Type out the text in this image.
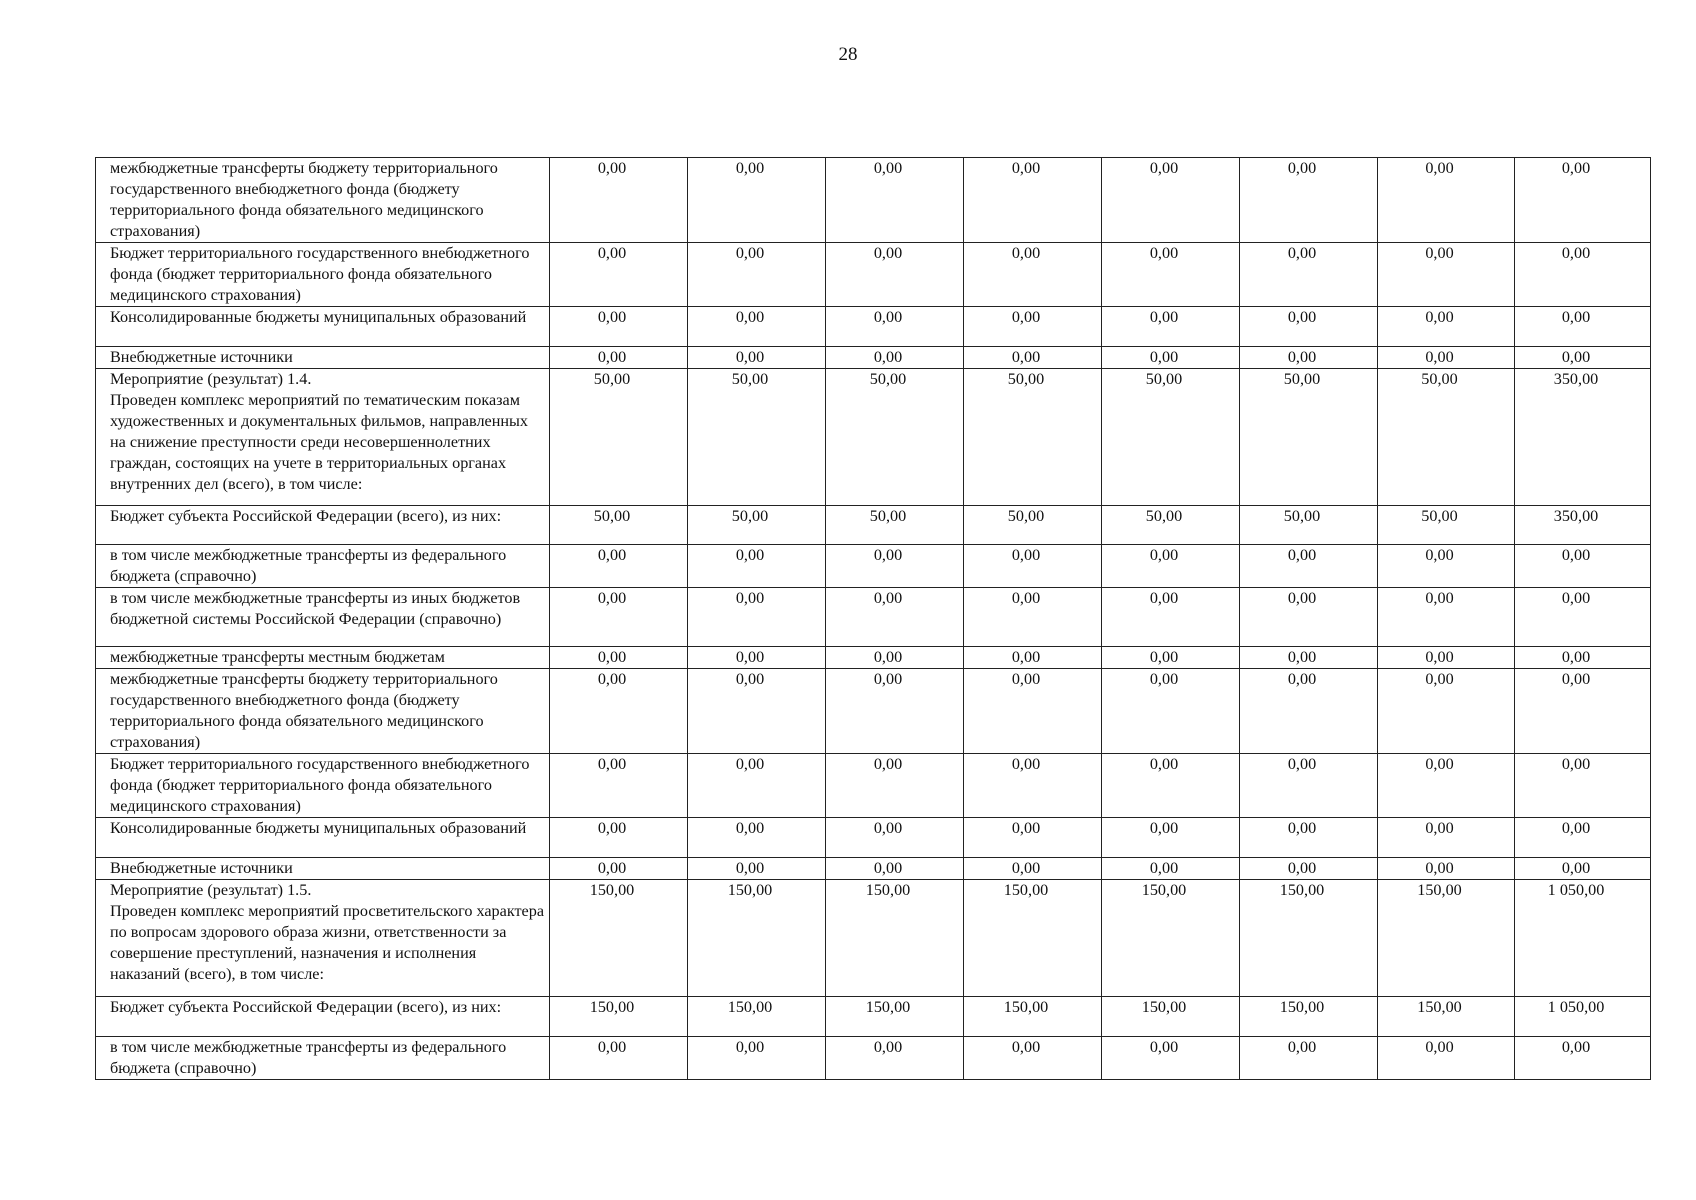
28
межбюджетные трансферты бюджету территориального государственного внебюджетного фонда (бюджету территориального фонда обязательного медицинского страхования)	0,00	0,00	0,00	0,00	0,00	0,00	0,00	0,00

Бюджет территориального государственного внебюджетного фонда (бюджет территориального фонда обязательного медицинского страхования)	0,00	0,00	0,00	0,00	0,00	0,00	0,00	0,00

Консолидированные бюджеты муниципальных образований	0,00	0,00	0,00	0,00	0,00	0,00	0,00	0,00

Внебюджетные источники	0,00	0,00	0,00	0,00	0,00	0,00	0,00	0,00

Мероприятие (результат) 1.4.
Проведен комплекс мероприятий по тематическим показам художественных и документальных фильмов, направленных на снижение преступности среди несовершеннолетних граждан, состоящих на учете в территориальных органах внутренних дел (всего), в том числе:	50,00	50,00	50,00	50,00	50,00	50,00	50,00	350,00

Бюджет субъекта Российской Федерации (всего), из них:	50,00	50,00	50,00	50,00	50,00	50,00	50,00	350,00

в том числе межбюджетные трансферты из федерального бюджета (справочно)	0,00	0,00	0,00	0,00	0,00	0,00	0,00	0,00

в том числе межбюджетные трансферты из иных бюджетов бюджетной системы Российской Федерации (справочно)	0,00	0,00	0,00	0,00	0,00	0,00	0,00	0,00

межбюджетные трансферты местным бюджетам	0,00	0,00	0,00	0,00	0,00	0,00	0,00	0,00

межбюджетные трансферты бюджету территориального государственного внебюджетного фонда (бюджету территориального фонда обязательного медицинского страхования)	0,00	0,00	0,00	0,00	0,00	0,00	0,00	0,00

Бюджет территориального государственного внебюджетного фонда (бюджет территориального фонда обязательного медицинского страхования)	0,00	0,00	0,00	0,00	0,00	0,00	0,00	0,00

Консолидированные бюджеты муниципальных образований	0,00	0,00	0,00	0,00	0,00	0,00	0,00	0,00

Внебюджетные источники	0,00	0,00	0,00	0,00	0,00	0,00	0,00	0,00

Мероприятие (результат) 1.5.
Проведен комплекс мероприятий просветительского характера по вопросам здорового образа жизни, ответственности за совершение преступлений, назначения и исполнения наказаний (всего), в том числе:	150,00	150,00	150,00	150,00	150,00	150,00	150,00	1 050,00

Бюджет субъекта Российской Федерации (всего), из них:	150,00	150,00	150,00	150,00	150,00	150,00	150,00	1 050,00

в том числе межбюджетные трансферты из федерального бюджета (справочно)	0,00	0,00	0,00	0,00	0,00	0,00	0,00	0,00
